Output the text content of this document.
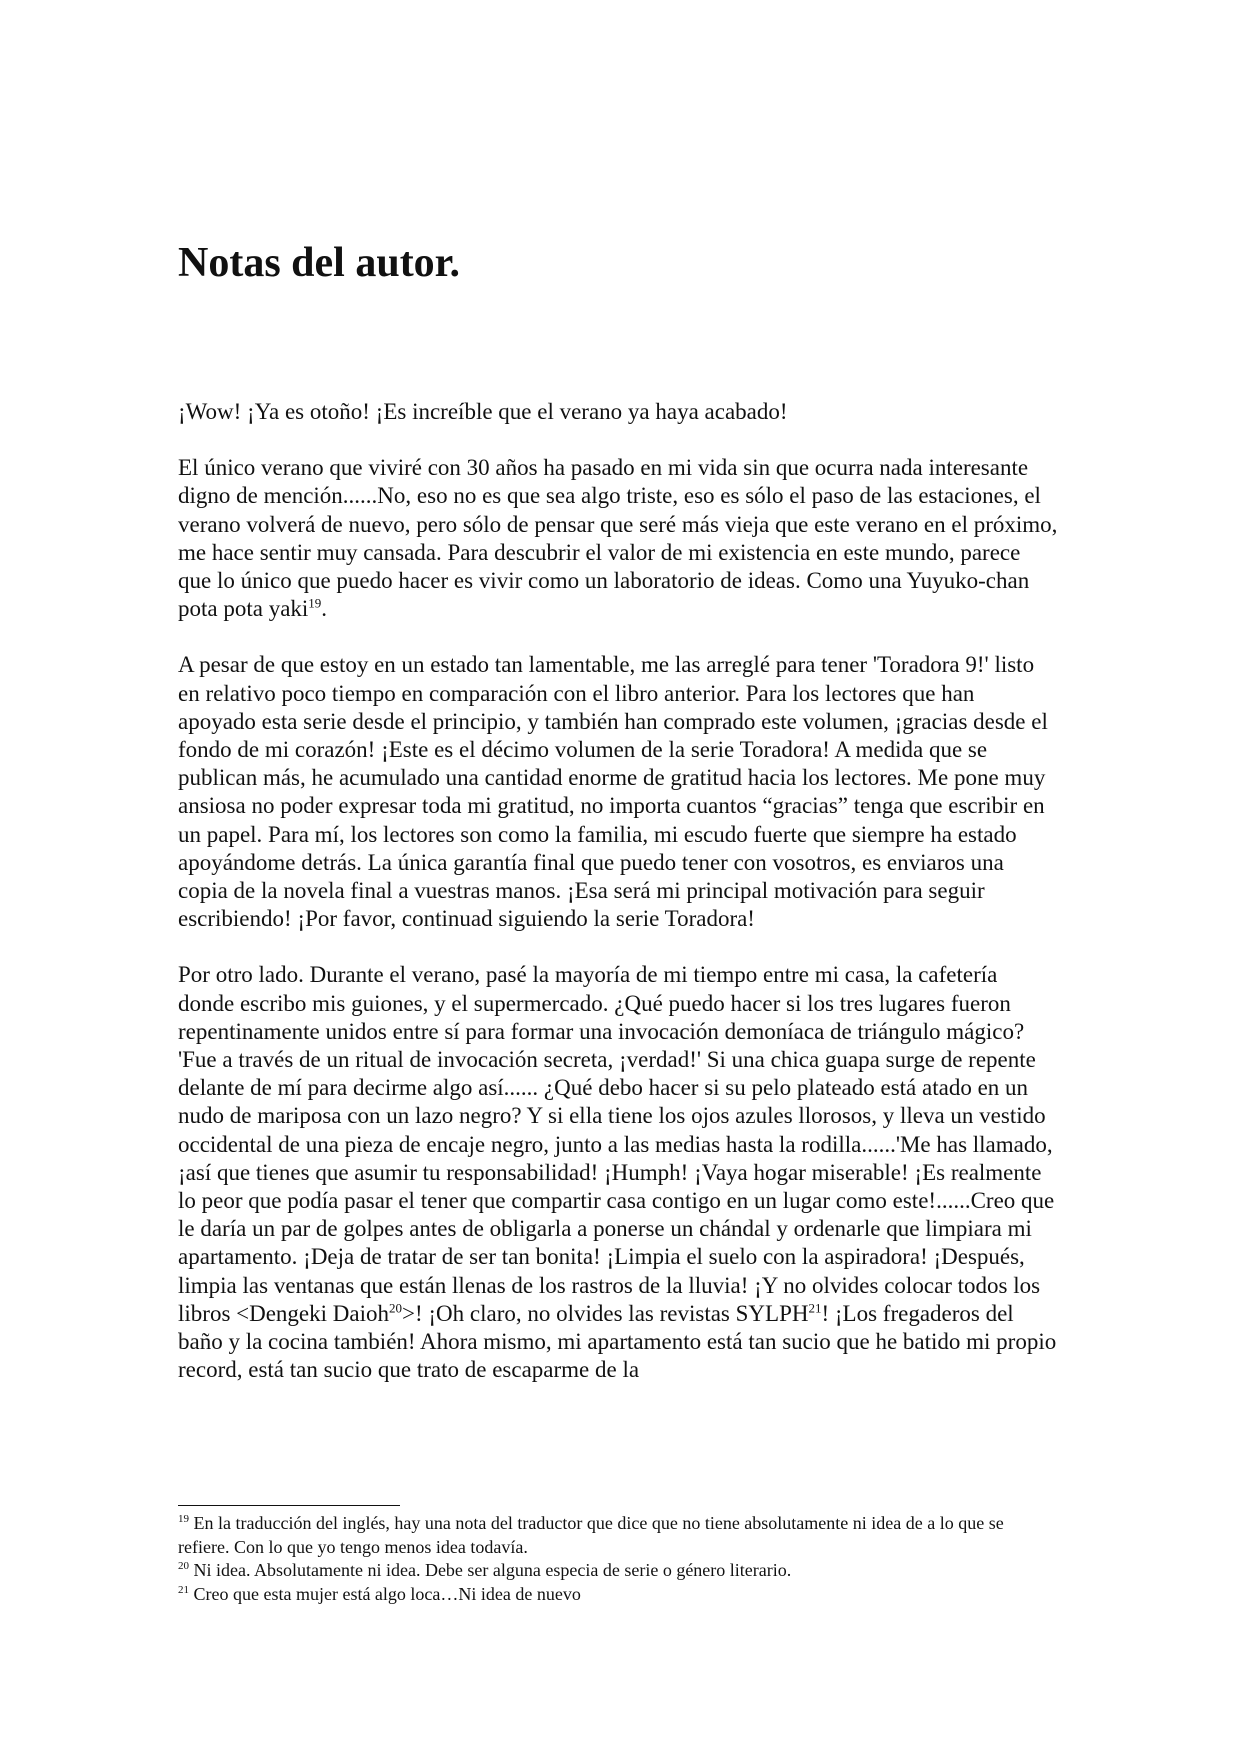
Notas del autor.

¡Wow! ¡Ya es otoño! ¡Es increíble que el verano ya haya acabado!

El único verano que viviré con 30 años ha pasado en mi vida sin que ocurra nada interesante digno de mención......No, eso no es que sea algo triste, eso es sólo el paso de las estaciones, el verano volverá de nuevo, pero sólo de pensar que seré más vieja que este verano en el próximo, me hace sentir muy cansada. Para descubrir el valor de mi existencia en este mundo, parece que lo único que puedo hacer es vivir como un laboratorio de ideas. Como una Yuyuko-chan pota pota yaki$^{19}$.

A pesar de que estoy en un estado tan lamentable, me las arreglé para tener 'Toradora 9!' listo en relativo poco tiempo en comparación con el libro anterior. Para los lectores que han apoyado esta serie desde el principio, y también han comprado este volumen, ¡gracias desde el fondo de mi corazón! ¡Este es el décimo volumen de la serie Toradora! A medida que se publican más, he acumulado una cantidad enorme de gratitud hacia los lectores. Me pone muy ansiosa no poder expresar toda mi gratitud, no importa cuantos “gracias” tenga que escribir en un papel. Para mí, los lectores son como la familia, mi escudo fuerte que siempre ha estado apoyándome detrás. La única garantía final que puedo tener con vosotros, es enviaros una copia de la novela final a vuestras manos. ¡Esa será mi principal motivación para seguir escribiendo! ¡Por favor, continuad siguiendo la serie Toradora!

Por otro lado. Durante el verano, pasé la mayoría de mi tiempo entre mi casa, la cafetería donde escribo mis guiones, y el supermercado. ¿Qué puedo hacer si los tres lugares fueron repentinamente unidos entre sí para formar una invocación demoníaca de triángulo mágico? 'Fue a través de un ritual de invocación secreta, ¡verdad!' Si una chica guapa surge de repente delante de mí para decirme algo así...... ¿Qué debo hacer si su pelo plateado está atado en un nudo de mariposa con un lazo negro? Y si ella tiene los ojos azules llorosos, y lleva un vestido occidental de una pieza de encaje negro, junto a las medias hasta la rodilla......'Me has llamado, ¡así que tienes que asumir tu responsabilidad! ¡Humph! ¡Vaya hogar miserable! ¡Es realmente lo peor que podía pasar el tener que compartir casa contigo en un lugar como este!......Creo que le daría un par de golpes antes de obligarla a ponerse un chándal y ordenarle que limpiara mi apartamento. ¡Deja de tratar de ser tan bonita! ¡Limpia el suelo con la aspiradora! ¡Después, limpia las ventanas que están llenas de los rastros de la lluvia! ¡Y no olvides colocar todos los libros <Dengeki Daioh$^{20}$>! ¡Oh claro, no olvides las revistas SYLPH$^{21}$! ¡Los fregaderos del baño y la cocina también! Ahora mismo, mi apartamento está tan sucio que he batido mi propio record, está tan sucio que trato de escaparme de la

$^{19}$ En la traducción del inglés, hay una nota del traductor que dice que no tiene absolutamente ni idea de a lo que se refiere. Con lo que yo tengo menos idea todavía.

$^{20}$ Ni idea. Absolutamente ni idea. Debe ser alguna especia de serie o género literario.

$^{21}$ Creo que esta mujer está algo loca…Ni idea de nuevo
